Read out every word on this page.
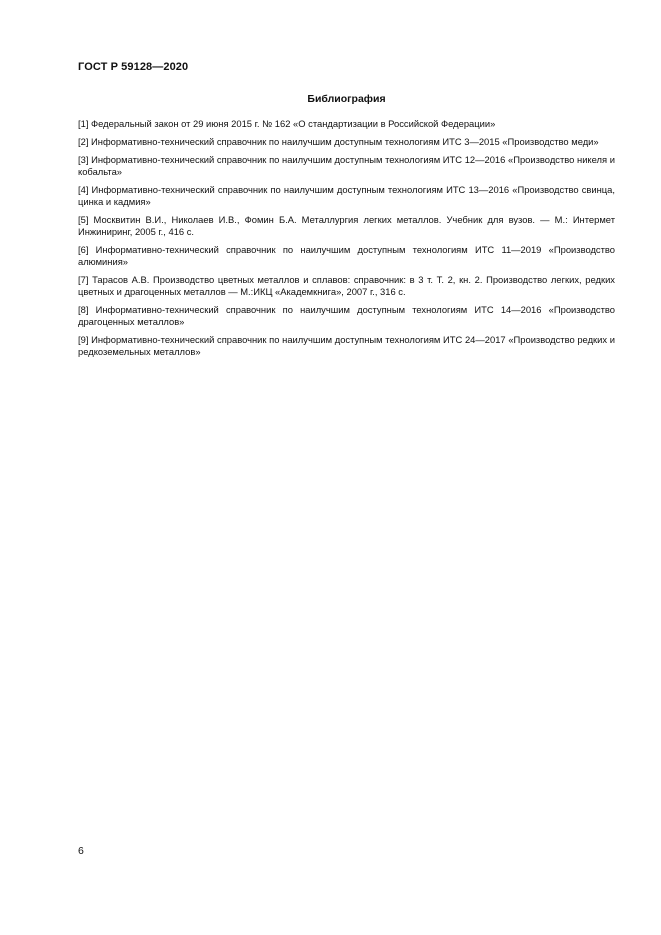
ГОСТ Р 59128—2020
Библиография
[1] Федеральный закон от 29 июня 2015 г. № 162 «О стандартизации в Российской Федерации»
[2] Информативно-технический справочник по наилучшим доступным технологиям ИТС 3—2015 «Производство меди»
[3] Информативно-технический справочник по наилучшим доступным технологиям ИТС 12—2016 «Производство никеля и кобальта»
[4] Информативно-технический справочник по наилучшим доступным технологиям ИТС 13—2016 «Производство свинца, цинка и кадмия»
[5] Москвитин В.И., Николаев И.В., Фомин Б.А. Металлургия легких металлов. Учебник для вузов. — М.: Интермет Инжиниринг, 2005 г., 416 с.
[6] Информативно-технический справочник по наилучшим доступным технологиям ИТС 11—2019 «Производство алюминия»
[7] Тарасов А.В. Производство цветных металлов и сплавов: справочник: в 3 т. Т. 2, кн. 2. Производство легких, редких цветных и драгоценных металлов — М.:ИКЦ «Академкнига», 2007 г., 316 с.
[8] Информативно-технический справочник по наилучшим доступным технологиям ИТС 14—2016 «Производство драгоценных металлов»
[9] Информативно-технический справочник по наилучшим доступным технологиям ИТС 24—2017 «Производство редких и редкоземельных металлов»
6
